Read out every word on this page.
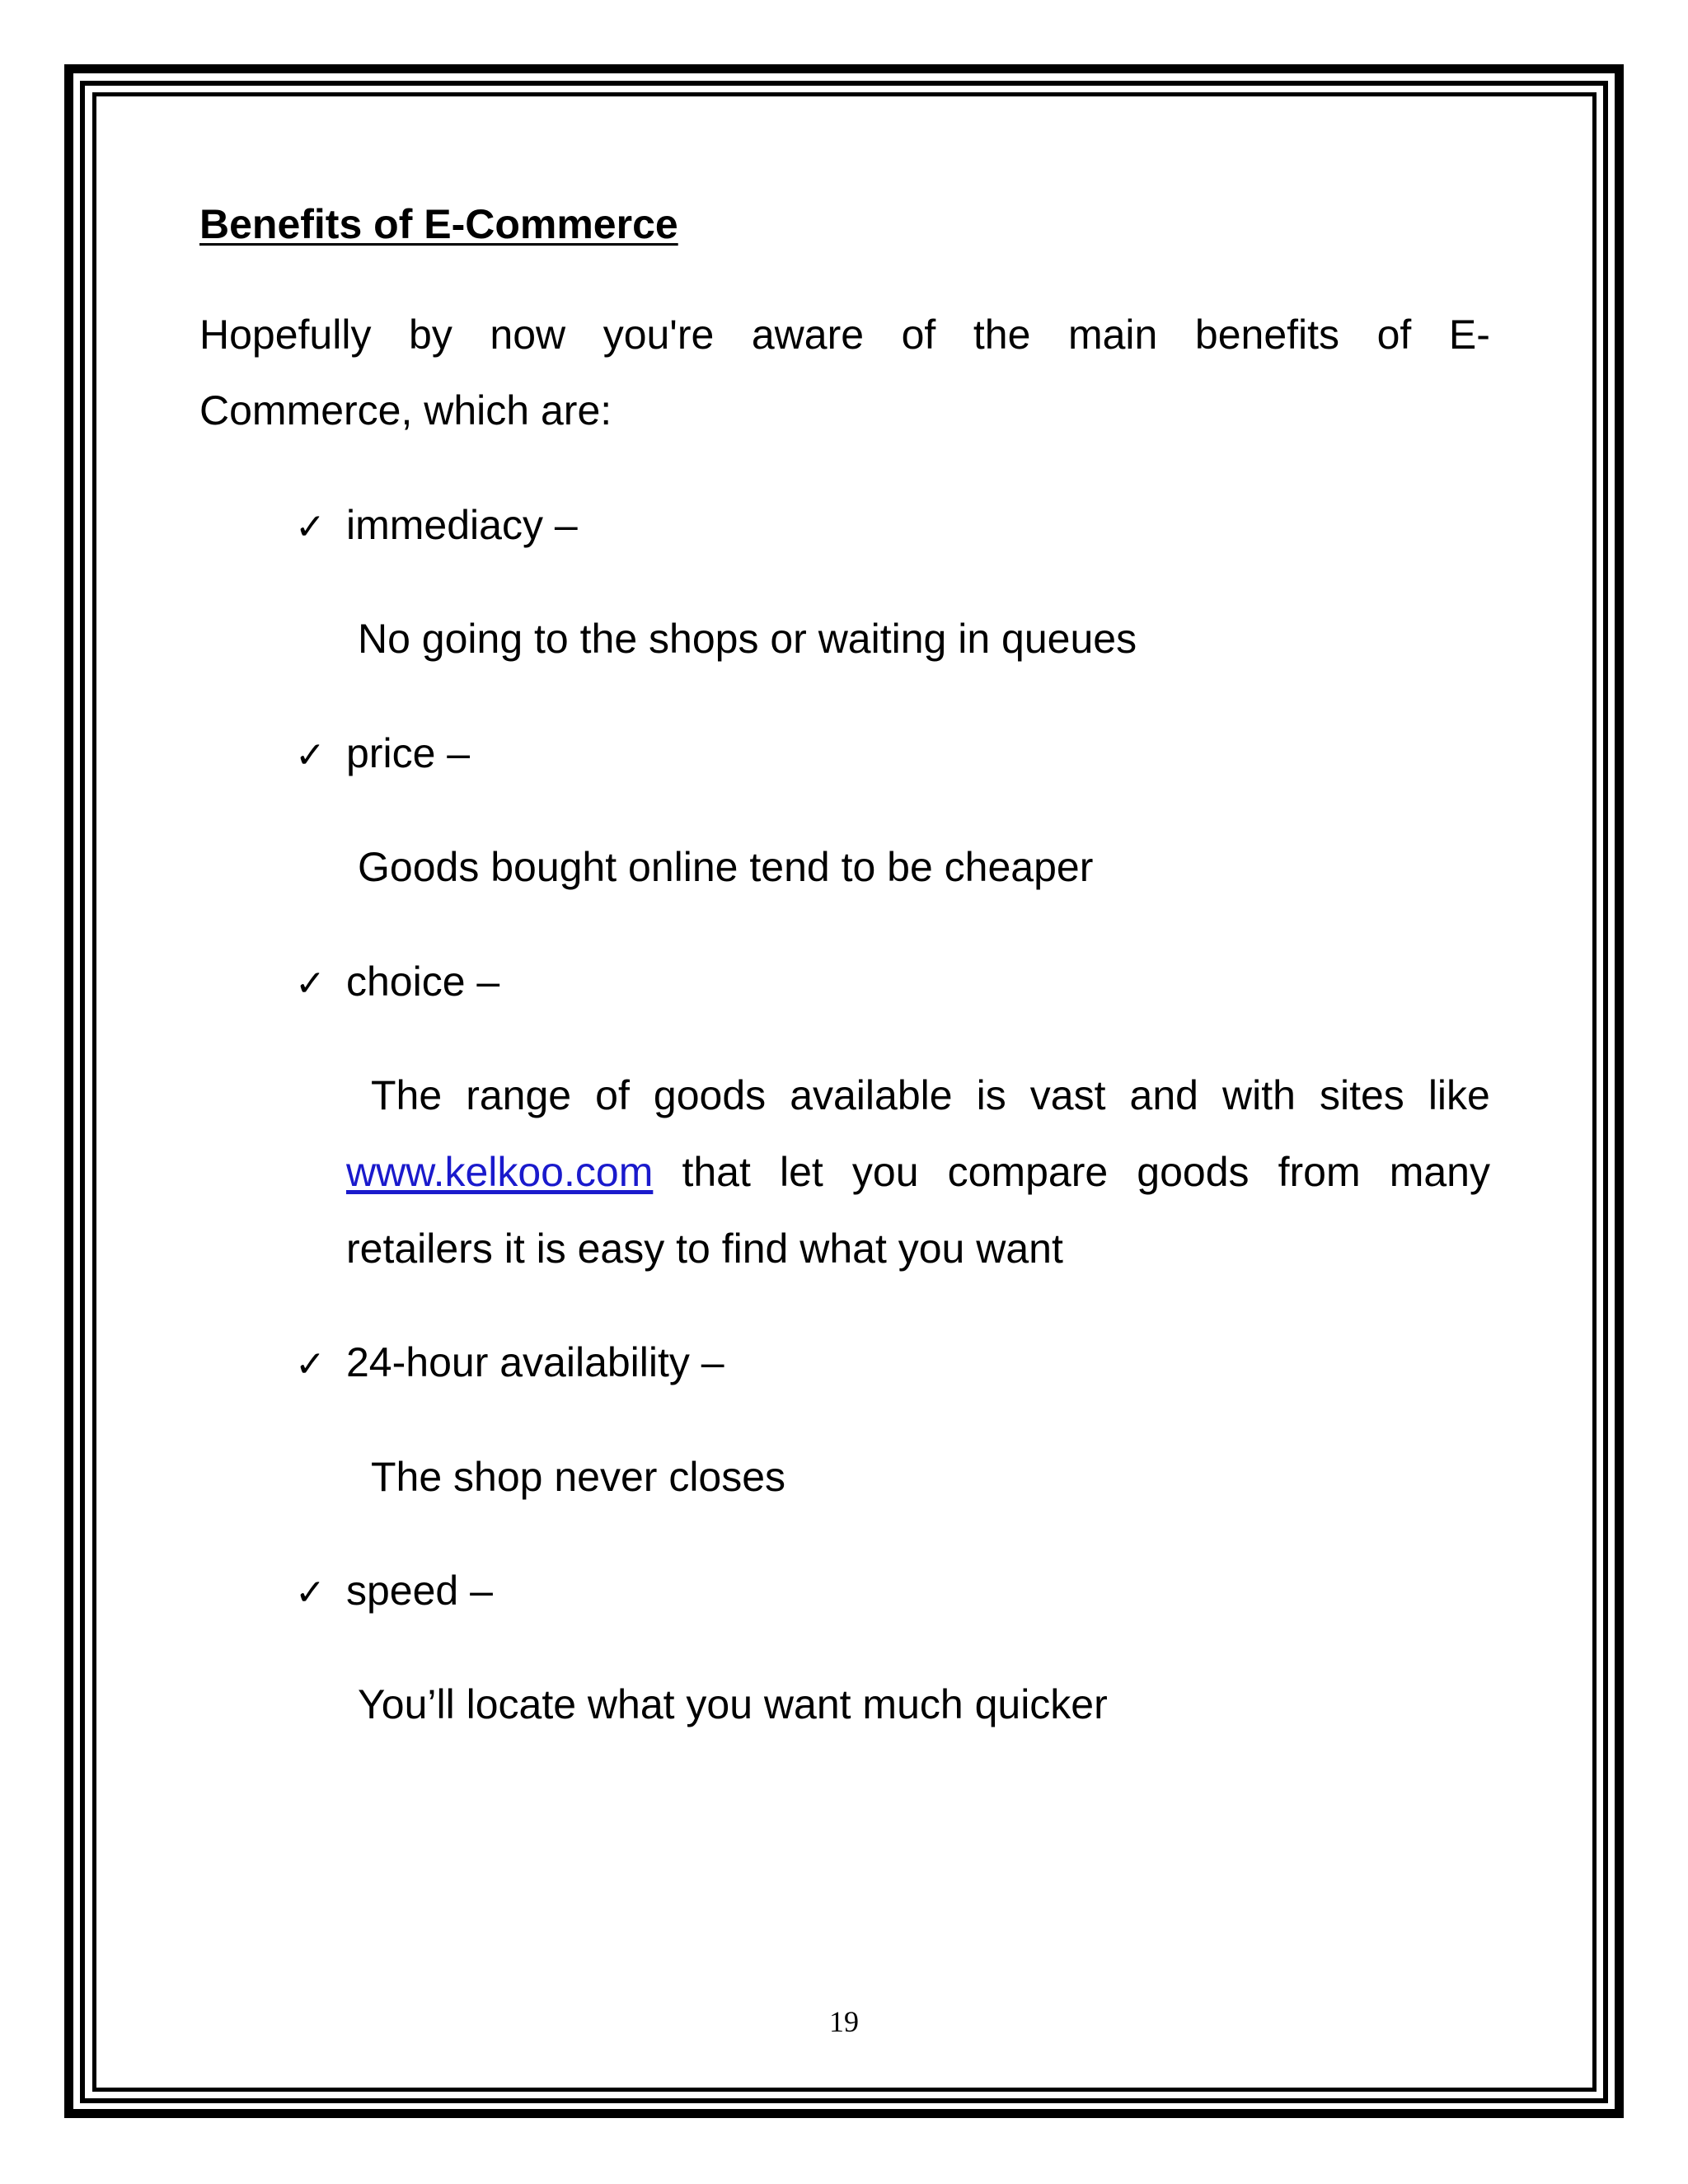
Benefits of E-Commerce
Hopefully by now you're aware of the main benefits of E-
Commerce, which are:
✓ immediacy –
No going to the shops or waiting in queues
✓ price –
Goods bought online tend to be cheaper
✓ choice –
The range of goods available is vast and with sites like
www.kelkoo.com that let you compare goods from many
retailers it is easy to find what you want
✓ 24-hour availability –
The shop never closes
✓ speed –
You’ll locate what you want much quicker
19
